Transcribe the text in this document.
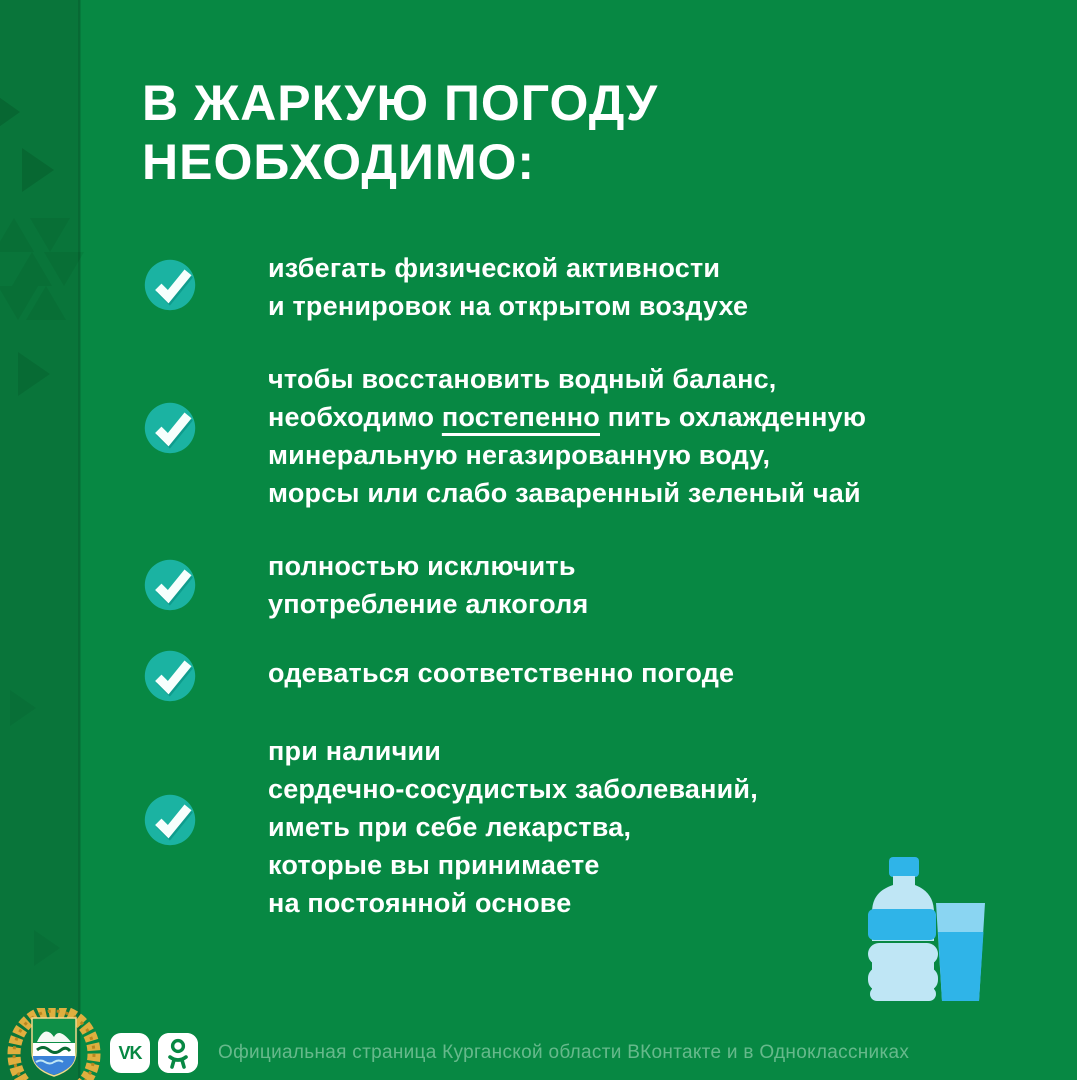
В ЖАРКУЮ ПОГОДУ
НЕОБХОДИМО:

избегать физической активности
и тренировок на открытом воздухе

чтобы восстановить водный баланс,
необходимо постепенно пить охлажденную
минеральную негазированную воду,
морсы или слабо заваренный зеленый чай

полностью исключить
употребление алкоголя

одеваться соответственно погоде

при наличии
сердечно-сосудистых заболеваний,
иметь при себе лекарства,
которые вы принимаете
на постоянной основе

VK	Официальная страница Курганской области ВКонтакте и в Одноклассниках
